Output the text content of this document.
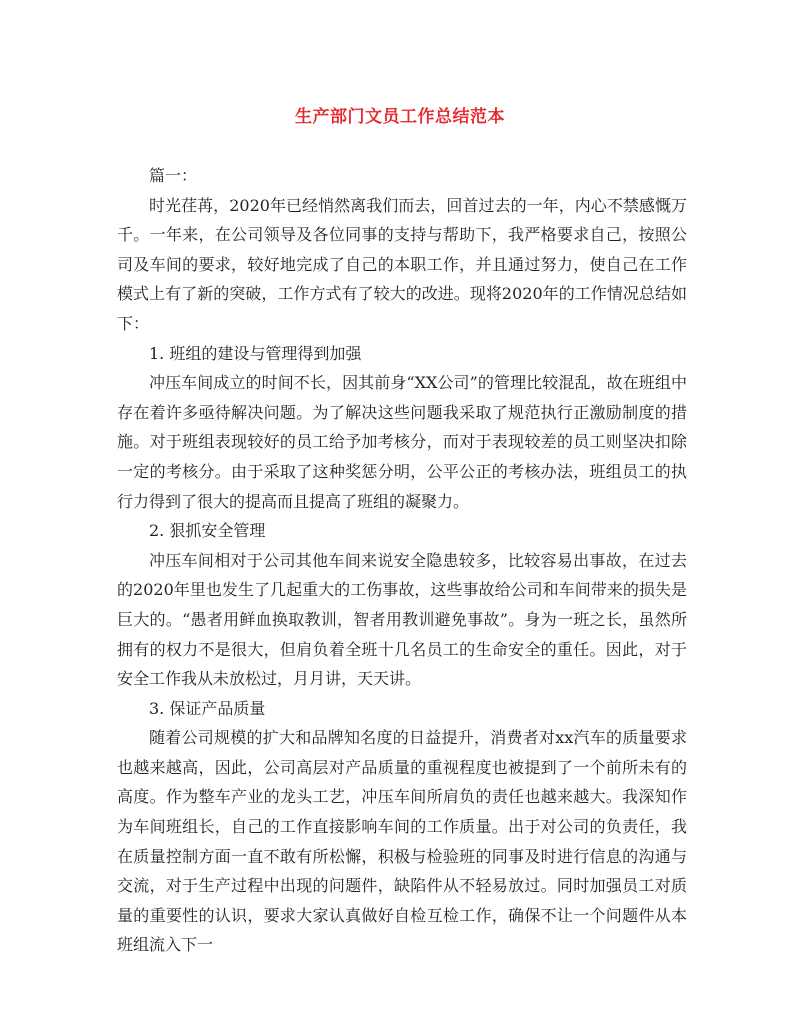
生产部门文员工作总结范本

篇一：

时光荏苒，2020年已经悄然离我们而去，回首过去的一年，内心不禁感慨万千。一年来，在公司领导及各位同事的支持与帮助下，我严格要求自己，按照公司及车间的要求，较好地完成了自己的本职工作，并且通过努力，使自己在工作模式上有了新的突破，工作方式有了较大的改进。现将2020年的工作情况总结如下：

1. 班组的建设与管理得到加强

冲压车间成立的时间不长，因其前身“XX公司”的管理比较混乱，故在班组中存在着许多亟待解决问题。为了解决这些问题我采取了规范执行正激励制度的措施。对于班组表现较好的员工给予加考核分，而对于表现较差的员工则坚决扣除一定的考核分。由于采取了这种奖惩分明，公平公正的考核办法，班组员工的执行力得到了很大的提高而且提高了班组的凝聚力。

2. 狠抓安全管理

冲压车间相对于公司其他车间来说安全隐患较多，比较容易出事故，在过去的2020年里也发生了几起重大的工伤事故，这些事故给公司和车间带来的损失是巨大的。“愚者用鲜血换取教训，智者用教训避免事故”。身为一班之长，虽然所拥有的权力不是很大，但肩负着全班十几名员工的生命安全的重任。因此，对于安全工作我从未放松过，月月讲，天天讲。

3. 保证产品质量

随着公司规模的扩大和品牌知名度的日益提升，消费者对xx汽车的质量要求也越来越高，因此，公司高层对产品质量的重视程度也被提到了一个前所未有的高度。作为整车产业的龙头工艺，冲压车间所肩负的责任也越来越大。我深知作为车间班组长，自己的工作直接影响车间的工作质量。出于对公司的负责任，我在质量控制方面一直不敢有所松懈，积极与检验班的同事及时进行信息的沟通与交流，对于生产过程中出现的问题件，缺陷件从不轻易放过。同时加强员工对质量的重要性的认识，要求大家认真做好自检互检工作，确保不让一个问题件从本班组流入下一
